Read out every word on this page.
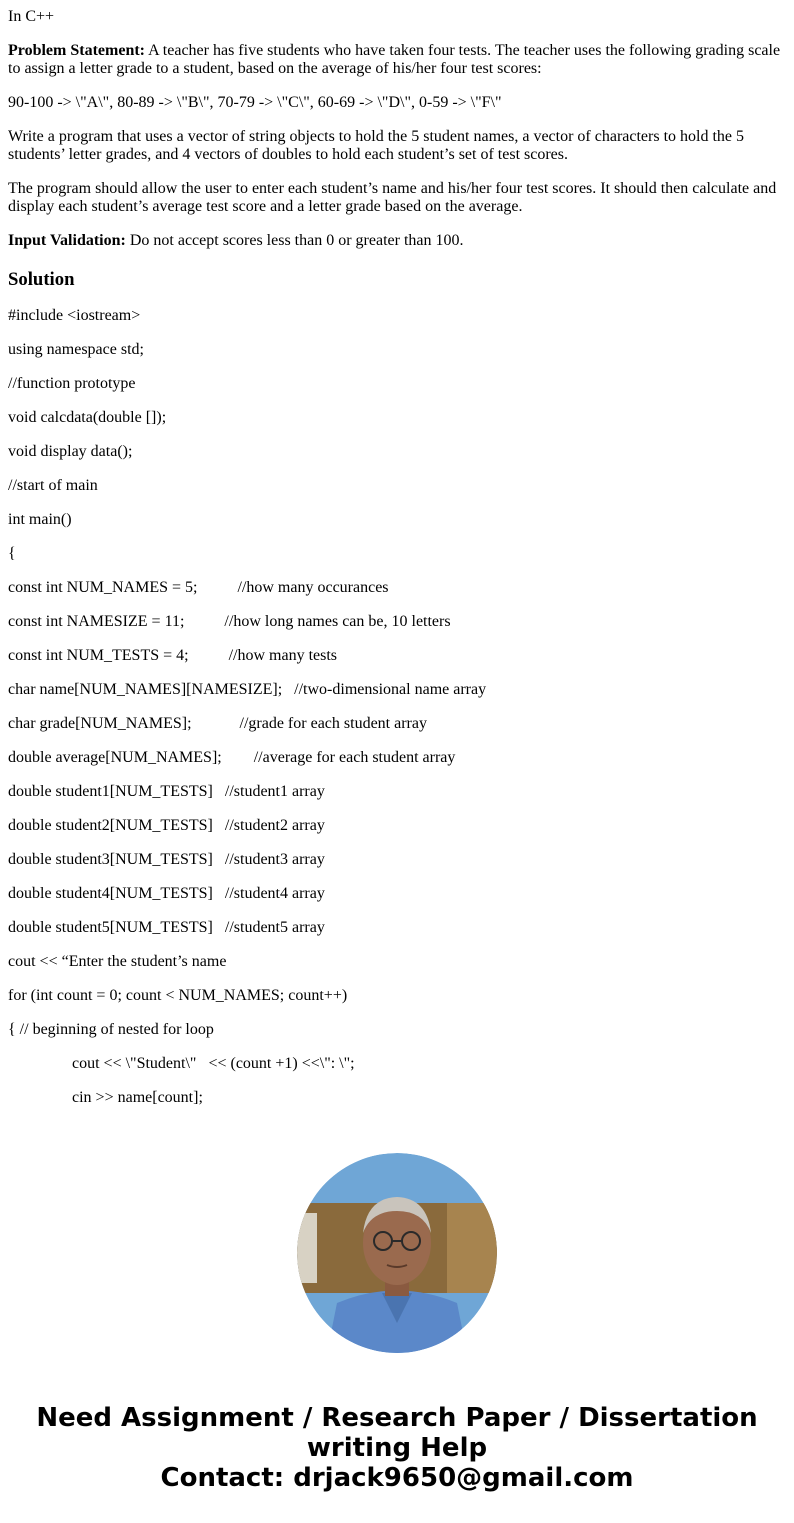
In C++

Problem Statement: A teacher has five students who have taken four tests. The teacher uses the following grading scale to assign a letter grade to a student, based on the average of his/her four test scores:

90-100 -> \"A\", 80-89 -> \"B\", 70-79 -> \"C\", 60-69 -> \"D\", 0-59 -> \"F\"

Write a program that uses a vector of string objects to hold the 5 student names, a vector of characters to hold the 5 students’ letter grades, and 4 vectors of doubles to hold each student’s set of test scores.

The program should allow the user to enter each student’s name and his/her four test scores. It should then calculate and display each student’s average test score and a letter grade based on the average.

Input Validation: Do not accept scores less than 0 or greater than 100.

Solution

#include <iostream>

using namespace std;

//function prototype

void calcdata(double []);

void display data();

//start of main

int main()

{

const int NUM_NAMES = 5;          //how many occurances

const int NAMESIZE = 11;          //how long names can be, 10 letters

const int NUM_TESTS = 4;          //how many tests

char name[NUM_NAMES][NAMESIZE];   //two-dimensional name array

char grade[NUM_NAMES];            //grade for each student array

double average[NUM_NAMES];        //average for each student array

double student1[NUM_TESTS]   //student1 array

double student2[NUM_TESTS]   //student2 array

double student3[NUM_TESTS]   //student3 array

double student4[NUM_TESTS]   //student4 array

double student5[NUM_TESTS]   //student5 array

cout << “Enter the student’s name

for (int count = 0; count < NUM_NAMES; count++)

{ // beginning of nested for loop

cout << \"Student\"   << (count +1) <<\": \";

cin >> name[count];

Need Assignment / Research Paper / Dissertation
writing Help
Contact: drjack9650@gmail.com
